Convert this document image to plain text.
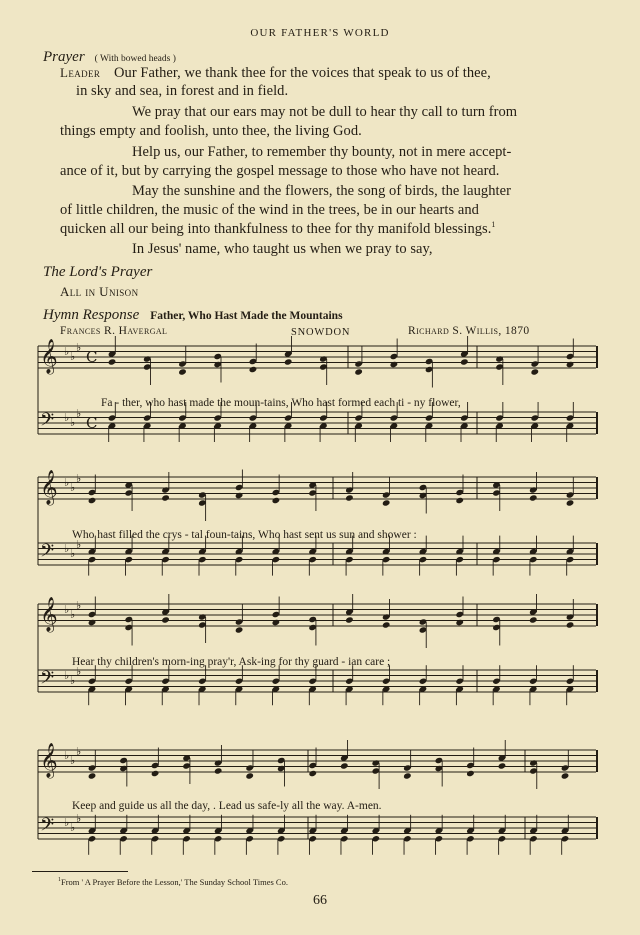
OUR FATHER'S WORLD
Prayer ( With bowed heads )
Leader Our Father, we thank thee for the voices that speak to us of thee,
in sky and sea, in forest and in field.
We pray that our ears may not be dull to hear thy call to turn from
things empty and foolish, unto thee, the living God.
Help us, our Father, to remember thy bounty, not in mere accept-
ance of it, but by carrying the gospel message to those who have not heard.
May the sunshine and the flowers, the song of birds, the laughter
of little children, the music of the wind in the trees, be in our hearts and
quicken all our being into thankfulness to thee for thy manifold blessings.$^1$
In Jesus' name, who taught us when we pray to say,
The Lord's Prayer
All in Unison
Hymn Response Father, Who Hast Made the Mountains
Frances R. Havergal	SNOWDON	Richard S. Willis, 1870
𝄞 ♭ ♭
♭
C
𝄢 ♭ ♭
♭
C
𝄞 ♭ ♭
♭
𝄢 ♭ ♭
♭
𝄞 ♭ ♭
♭
𝄢 ♭ ♭
♭
𝄞 ♭ ♭
♭
𝄢 ♭ ♭
♭
Fa - ther, who hast made the moun-tains, Who hast formed each ti - ny flower,
Who hast filled the crys - tal foun-tains, Who hast sent us sun and shower :
Hear thy children's morn-ing pray'r, Ask-ing for thy guard - ian care ;
Keep and guide us all the day, . Lead us safe-ly all the way. A-men.
$^1$From ' A Prayer Before the Lesson,' The Sunday School Times Co.
66
